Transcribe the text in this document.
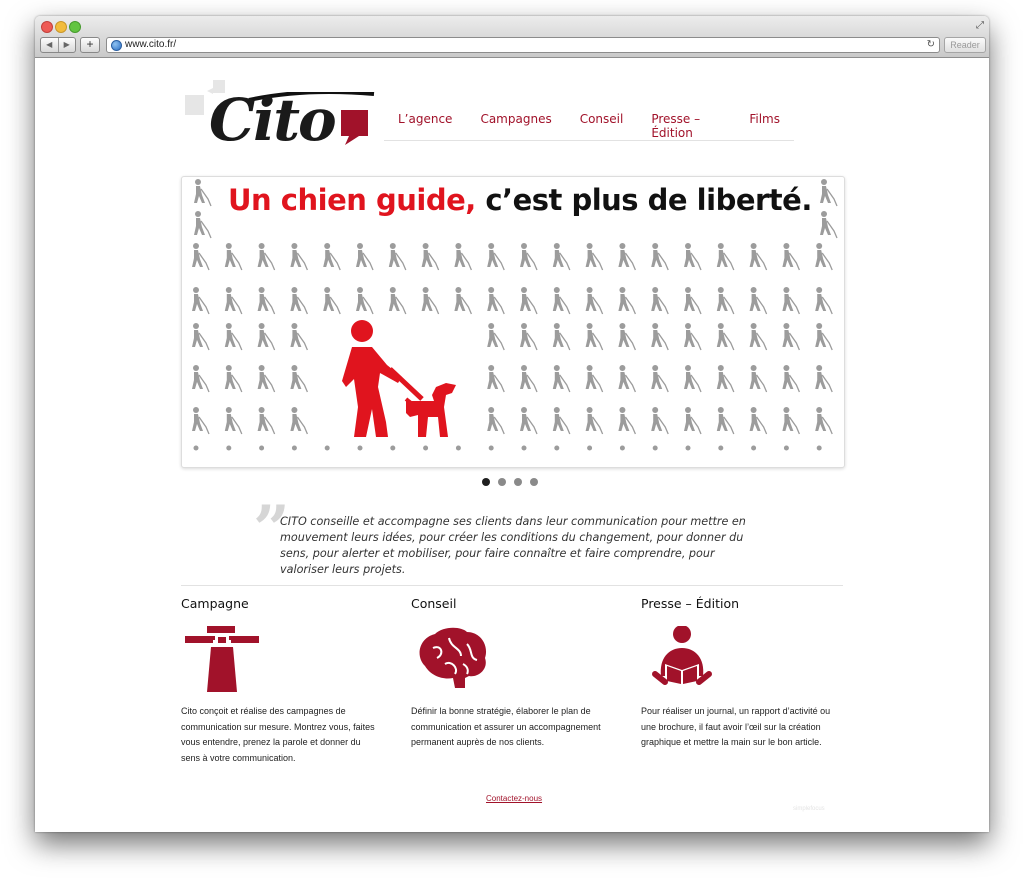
⤢
◀	▶	+	www.cito.fr/	↻	Reader
Cito	L’agence	Campagnes	Conseil	Presse – Édition
Films
Un chien guide, c’est plus de liberté.
”
CITO conseille et accompagne ses clients dans leur communication pour mettre en mouvement leurs idées, pour créer les conditions du changement, pour donner du sens, pour alerter et mobiliser, pour faire connaître et faire comprendre, pour valoriser leurs projets.
Campagne

Cito conçoit et réalise des campagnes de communication sur mesure. Montrez vous, faites vous entendre, prenez la parole et donner du sens à votre communication.

Conseil

Définir la bonne stratégie, élaborer le plan de communication et assurer un accompagnement permanent auprès de nos clients.

Presse – Édition

Pour réaliser un journal, un rapport d’activité ou une brochure, il faut avoir l’œil sur la création graphique et mettre la main sur le bon article.

Contactez-nous
simplefocus
